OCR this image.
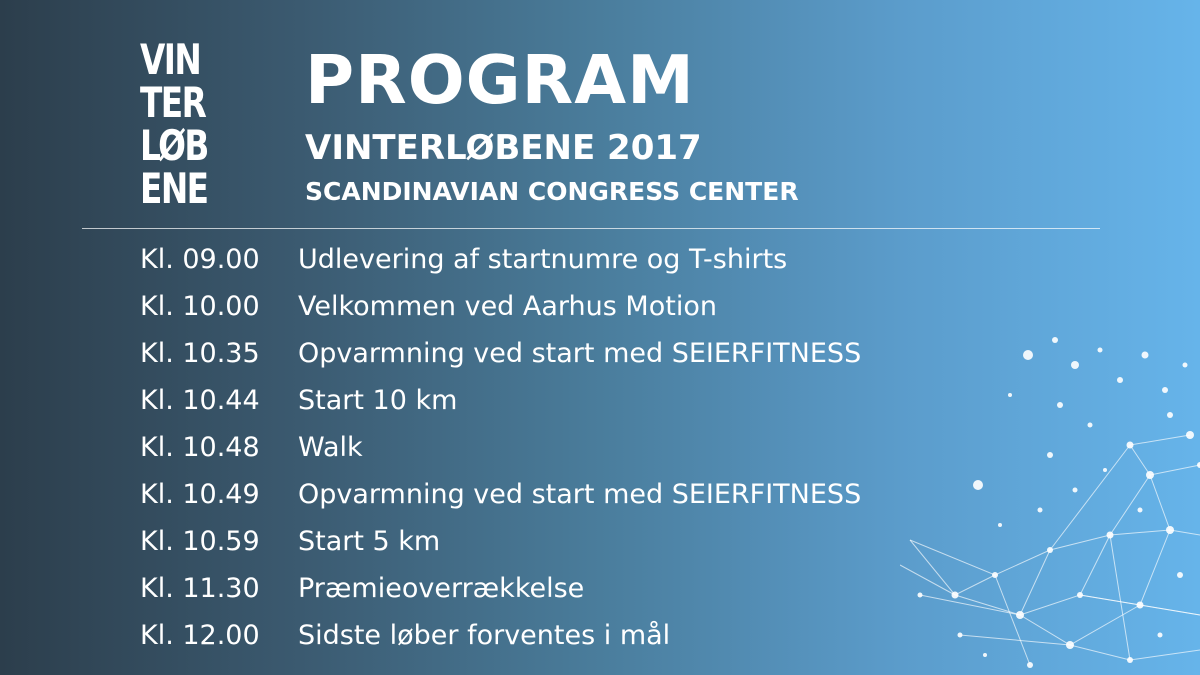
VIN
TER
LØB
ENE
PROGRAM
VINTERLØBENE 2017
SCANDINAVIAN CONGRESS CENTER
Kl. 09.00	Udlevering af startnumre og T-shirts
Kl. 10.00	Velkommen ved Aarhus Motion
Kl. 10.35	Opvarmning ved start med SEIERFITNESS
Kl. 10.44	Start 10 km
Kl. 10.48	Walk
Kl. 10.49	Opvarmning ved start med SEIERFITNESS
Kl. 10.59	Start 5 km
Kl. 11.30	Præmieoverrækkelse
Kl. 12.00	Sidste løber forventes i mål
